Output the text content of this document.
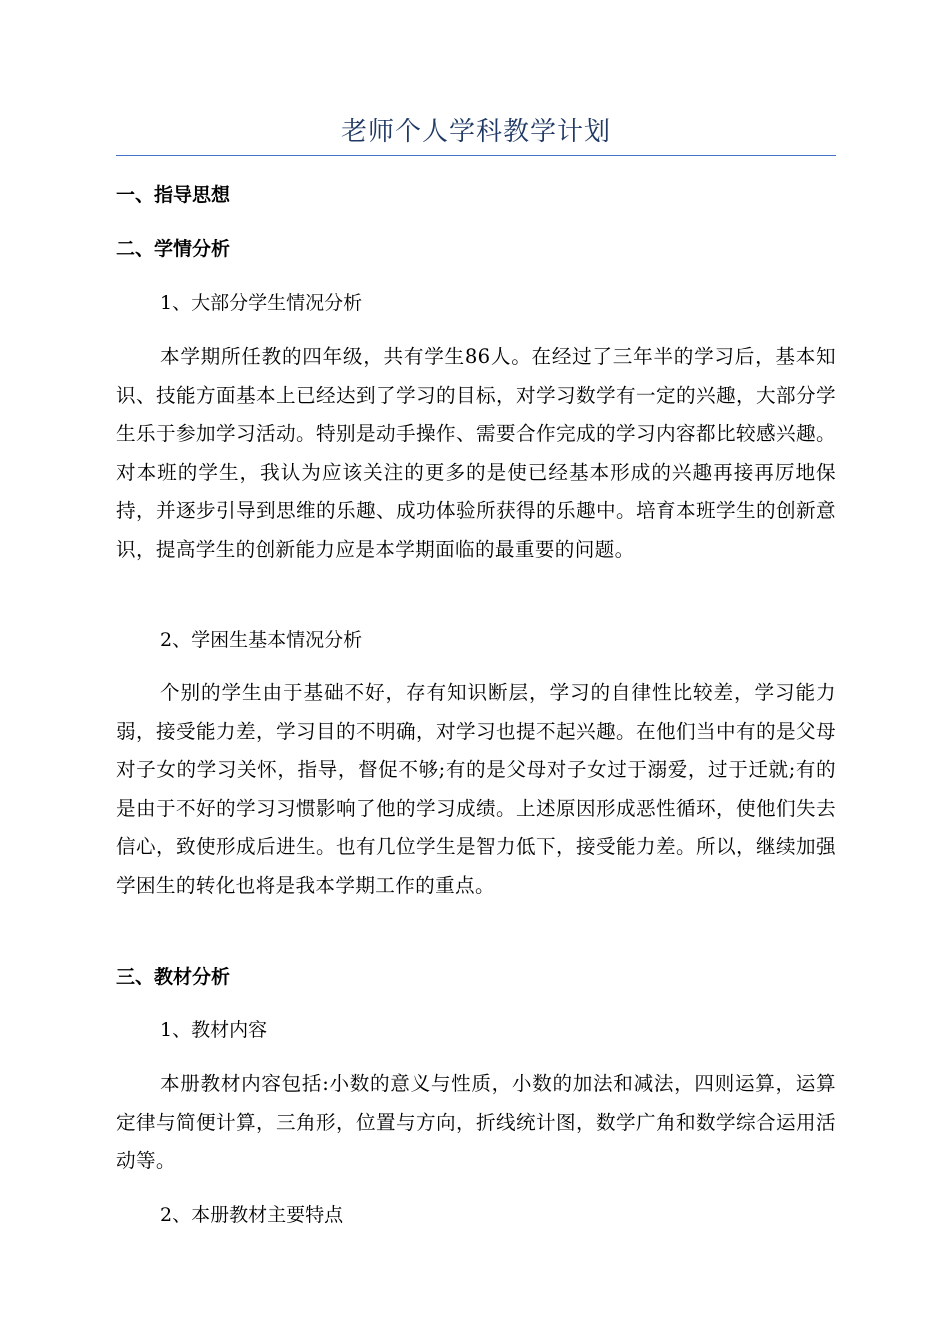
老师个人学科教学计划
一、指导思想
二、学情分析
1、大部分学生情况分析

本学期所任教的四年级，共有学生86人。在经过了三年半的学习后，基本知识、技能方面基本上已经达到了学习的目标，对学习数学有一定的兴趣，大部分学生乐于参加学习活动。特别是动手操作、需要合作完成的学习内容都比较感兴趣。对本班的学生，我认为应该关注的更多的是使已经基本形成的兴趣再接再厉地保持，并逐步引导到思维的乐趣、成功体验所获得的乐趣中。培育本班学生的创新意识，提高学生的创新能力应是本学期面临的最重要的问题。

2、学困生基本情况分析

个别的学生由于基础不好，存有知识断层，学习的自律性比较差，学习能力弱，接受能力差，学习目的不明确，对学习也提不起兴趣。在他们当中有的是父母对子女的学习关怀，指导，督促不够;有的是父母对子女过于溺爱，过于迁就;有的是由于不好的学习习惯影响了他的学习成绩。上述原因形成恶性循环，使他们失去信心，致使形成后进生。也有几位学生是智力低下，接受能力差。所以，继续加强学困生的转化也将是我本学期工作的重点。

三、教材分析
1、教材内容

本册教材内容包括:小数的意义与性质，小数的加法和减法，四则运算，运算定律与简便计算，三角形，位置与方向，折线统计图，数学广角和数学综合运用活动等。

2、本册教材主要特点
